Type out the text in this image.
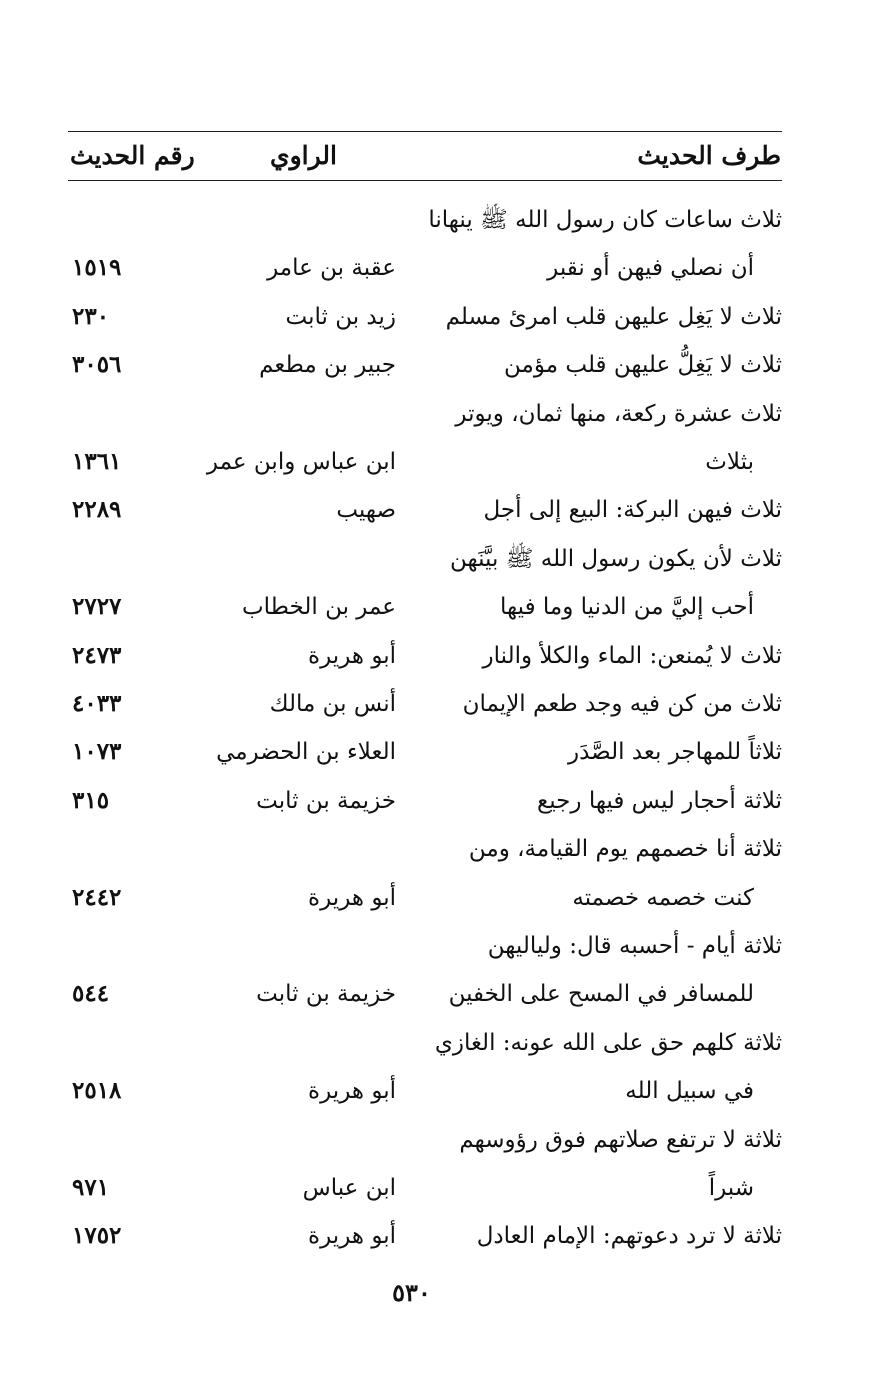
طرف الحديث
الراوي
رقم الحديث
ثلاث ساعات كان رسول الله ﷺ ينهانا
أن نصلي فيهن أو نقبر
عقبة بن عامر
١٥١٩
ثلاث لا يَغِل عليهن قلب امرئ مسلم
زيد بن ثابت
٢٣٠
ثلاث لا يَغِلُّ عليهن قلب مؤمن
جبير بن مطعم
٣٠٥٦
ثلاث عشرة ركعة، منها ثمان، ويوتر
بثلاث
ابن عباس وابن عمر
١٣٦١
ثلاث فيهن البركة: البيع إلى أجل
صهيب
٢٢٨٩
ثلاث لأن يكون رسول الله ﷺ بيَّنَهن
أحب إليَّ من الدنيا وما فيها
عمر بن الخطاب
٢٧٢٧
ثلاث لا يُمنعن: الماء والكلأ والنار
أبو هريرة
٢٤٧٣
ثلاث من كن فيه وجد طعم الإيمان
أنس بن مالك
٤٠٣٣
ثلاثاً للمهاجر بعد الصَّدَر
العلاء بن الحضرمي
١٠٧٣
ثلاثة أحجار ليس فيها رجيع
خزيمة بن ثابت
٣١٥
ثلاثة أنا خصمهم يوم القيامة، ومن
كنت خصمه خصمته
أبو هريرة
٢٤٤٢
ثلاثة أيام - أحسبه قال: ولياليهن
للمسافر في المسح على الخفين
خزيمة بن ثابت
٥٤٤
ثلاثة كلهم حق على الله عونه: الغازي
في سبيل الله
أبو هريرة
٢٥١٨
ثلاثة لا ترتفع صلاتهم فوق رؤوسهم
شبراً
ابن عباس
٩٧١
ثلاثة لا ترد دعوتهم: الإمام العادل
أبو هريرة
١٧٥٢
٥٣٠
